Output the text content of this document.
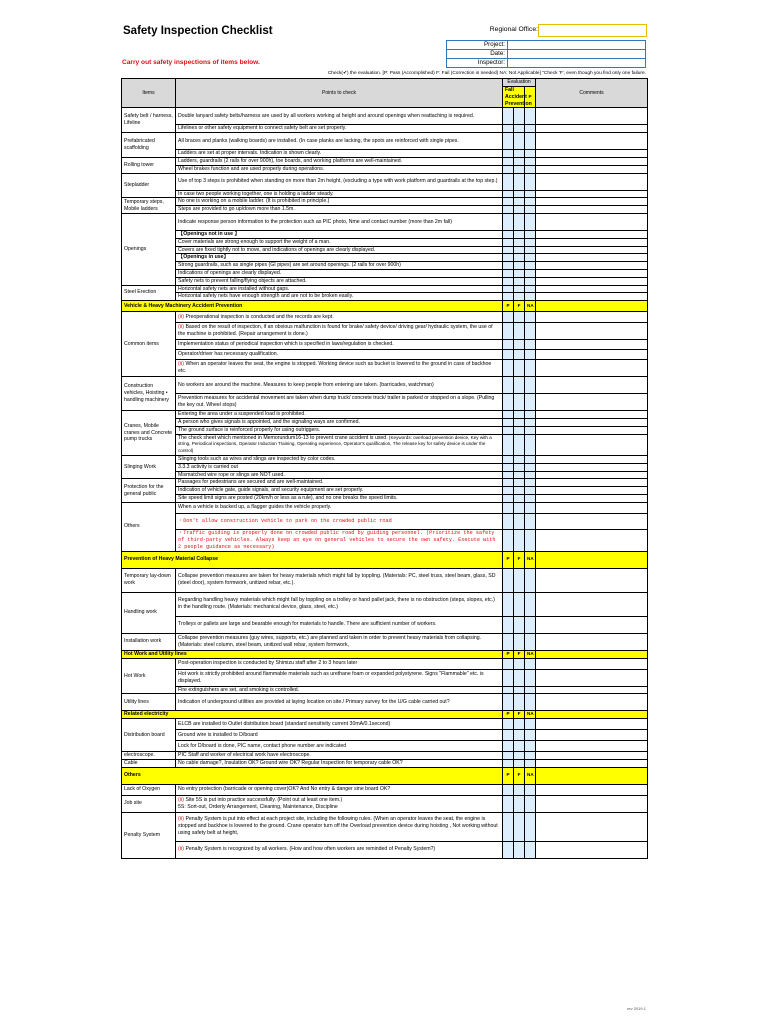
Safety Inspection Checklist	Regional Office:
Carry out safety inspections of items below.
Project:	
Date:	
Inspector:	
Check(✔) the evaluation. [P: Pass (Accomplished) F: Fail (Correction is needed) NA: Not Applicable] "Check 'F', even though you find only one failure.
Items	Points to check	Evaluation			Comments	
		Fall Accident Prevention		P			
Safety belt / harness, Lifeline	Double lanyard safety belts/harness are used by all workers working at height and around openings when reattaching is required.					
	Lifelines or other safety equipment to connect safety belt are set properly.					
Prefabricated scaffolding	All braces and planks (walking boards) are installed. (In case planks are lacking, the spots are reinforced with single pipes.					
	Ladders are set at proper intervals. Indication is shown clearly.					
Rolling tower	Ladders, guardrails (2 rails for over 900h), toe boards, and working platforms are well-maintained.					
	Wheel brakes function and are used properly during operations.					
Stepladder	Use of top 3 steps is prohibited when standing on more than 2m height, (excluding a type with work platform and guardrails at the top step.)					
	In case two people working together, one is holding a ladder steady.					
Temporary steps, Mobile ladders	No one is working on a mobile ladder. (It is prohibited in principle.)					
	Steps are provided to go up/down more than 1.5m.					
Openings	Indicate response person information to the protection such as PIC photo, Nme and contact number (more than 2m fall)					
	【Openings not in use 】					
	Cover materials are strong enough to support the weight of a man.					
	Covers are fixed tightly not to move, and indications of openings are clearly displayed.					
	【Openings in use】					
	Strong guardrails, such as single pipes (GI pipes) are set around openings. (2 rails for over 900h)					
	Indications of openings are clearly displayed.					
	Safety nets to prevent falling/flying objects are attached.					
Steel Erection	Horizontal safety nets are installed without gaps.					
	Horizontal safety nets have enough strength and are not to be broken easily.					
Vehicle & Heavy Machinery Accident Prevention		P	F	NA		
Common items	(Ⅱ) Preoperational inspection is conducted and the records are kept.					
	(Ⅱ) Based on the result of inspection, if an obvious malfunction is found for brake/ safety device/ driving gear/ hydraulic system, the use of the machine is prohibited. (Repair arrangement is done.)					
	Implementation status of periodical inspection which is specified in laws/regulation is checked.					
	Operator/driver has necessary qualification.					
	(Ⅱ) When an operator leaves the seat, the engine is stopped. Working device such as bucket is lowered to the ground in case of backhoe etc.					
Construction vehicles, Hoisting • handling machinery	No workers are around the machine. Measures to keep people from entering are taken. (barricades, watchman)					
	Prevention measures for accidental movement are taken when dump truck/ concrete truck/ trailer is parked or stopped on a slope. (Pulling the key out. Wheel stops)					
Cranes, Mobile cranes and Concrete pump trucks	Entering the area under a suspended load is prohibited.					
	A person who gives signals is appointed, and the signaling ways are confirmed.					
	The ground surface is reinforced properly for using outriggers.					
	The check sheet which mentioned in Memorundum16-13 to prevent crane accident is used. (Keywords: overload prevention device, Key with a string, Periodical inspections, Operator Induction Training, Operating experience, Operator's qualification, The release key for safety device is under the control)					
Slinging Work	Slinging tools such as wires and slings are inspected by color codes.					
	3.3.3 activity is carried out					
	Mismatched wire rope or slings are NOT used.					
Protection for the general public	Passages for pedestrians are secured and are well-maintained.					
	Indication of vehicle gate, guide signals, and security equipment are set properly.					
	Site speed limit signs are posted (20km/h or less as a rule), and no one breaks the speed limits.					
Others	When a vehicle is backed up, a flagger guides the vehicle properly.					
	・Don't allow construction vehicle to park on the crowded public road					
	・Traffic guiding is properly done on crowded public road by guiding personnel. (Prioritize the safety of third-party vehicles. Always keep an eye on general vehicles to secure the own safety. Execute with 2 people guidance as necessary)					
Prevention of Heavy Material Collapse		P	F	NA		
Temporary lay-down work	Collapse prevention measures are taken for heavy materials which might fall by toppling. (Materials: PC, steel truss, steel beam, glass, SD (steel door), system formwork, unitized rebar, etc.).					
Handling work	Regarding handling heavy materials which might fall by toppling on a trolley or hand pallet jack, there is no obstruction (steps, slopes, etc.) in the handling route. (Materials: mechanical device, glass, steel, etc.)					
	Trolleys or pallets are large and bearable enough for materials to handle. There are sufficient number of workers.					
Installation work	Collapse prevention measures (guy wires, supports, etc.) are planned and taken in order to prevent heavy materials from collapsing. (Materials: steel column, steel beam, unitized wall rebar, system formwork,					
Hot Work and Utility lines		P	F	NA		
Hot Work	Post-operation inspection is conducted by Shimizu staff after 2 to 3 hours later					
	Hot work is strictly prohibited around flammable materials such as urethane foam or expanded polystyrene. Signs "Flammable" etc. is displayed.					
	Fire extinguishers are set, and smoking is controlled.					
Utility lines	Indication of underground utilities are provided at laying location on site./ Primary survey for the U/G cable carried out?					
Related electricity		P	F	NA		
Distribution board	ELCB are installed to Outlet distribution board (standard sensitivity current 30mA/0.1second)					
	Ground wire is installed to D/board					
	Lock for D/board is done, PIC name, contact phone number are indicated					
electroscope.	PIC Staff and worker of electrical work have electroscope.					
Cable	No cable damage?, Insulation OK? Ground wire OK? Regular Inspection for temporary cable OK?					
Others		P	F	NA		
Lack of Oxygen	No entry protection (barricade or opening cover)OK? And No entry & danger sine board OK?					
Job site	(Ⅱ) Site 5S is put into practice successfully. (Point out at least one item.)
5S: Sort-out, Orderly Arrangement, Cleaning, Maintenance, Discipline					
Penalty System	(Ⅱ) Penalty System is put into effect at each project site, including the following rules. (When an operator leaves the seat, the engine is stopped and backhoe is lowered to the ground. Crane operator turn off the Overload prevention device during hoisting , Not working without using safety belt at height,					
	(Ⅱ) Penalty System is recognized by all workers. (How and how often workers are reminded of Penalty System?)					
rev 2019.1
